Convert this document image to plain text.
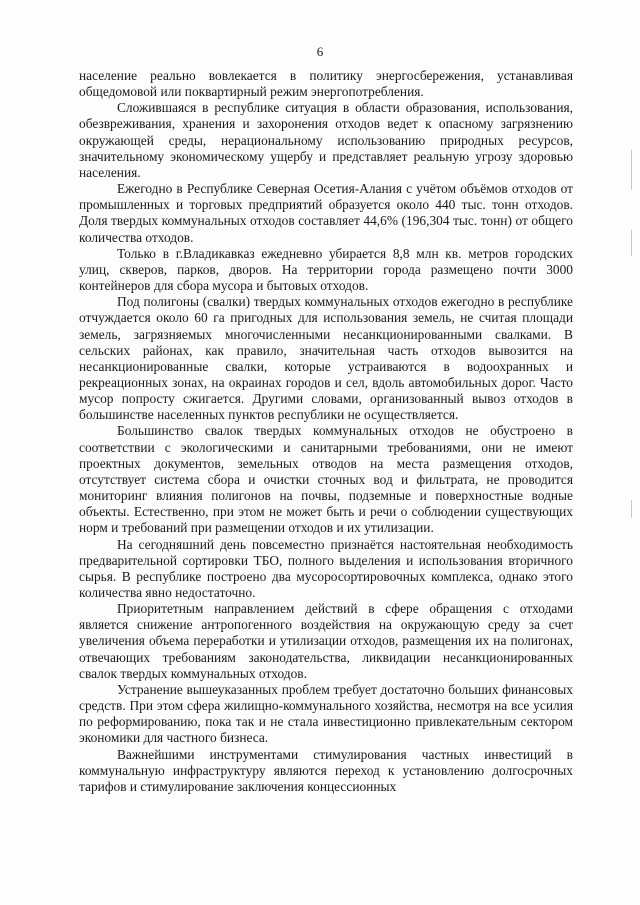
6

население реально вовлекается в политику энергосбережения, устанавливая общедомовой или поквартирный режим энергопотребления.

Сложившаяся в республике ситуация в области образования, использования, обезвреживания, хранения и захоронения отходов ведет к опасному загрязнению окружающей среды, нерациональному использованию природных ресурсов, значительному экономическому ущербу и представляет реальную угрозу здоровью населения.

Ежегодно в Республике Северная Осетия-Алания с учётом объёмов отходов от промышленных и торговых предприятий образуется около 440 тыс. тонн отходов. Доля твердых коммунальных отходов составляет 44,6% (196,304 тыс. тонн) от общего количества отходов.

Только в г.Владикавказ ежедневно убирается 8,8 млн кв. метров городских улиц, скверов, парков, дворов. На территории города размещено почти 3000 контейнеров для сбора мусора и бытовых отходов.

Под полигоны (свалки) твердых коммунальных отходов ежегодно в республике отчуждается около 60 га пригодных для использования земель, не считая площади земель, загрязняемых многочисленными несанкционированными свалками. В сельских районах, как правило, значительная часть отходов вывозится на несанкционированные свалки, которые устраиваются в водоохранных и рекреационных зонах, на окраинах городов и сел, вдоль автомобильных дорог. Часто мусор попросту сжигается. Другими словами, организованный вывоз отходов в большинстве населенных пунктов республики не осуществляется.

Большинство свалок твердых коммунальных отходов не обустроено в соответствии с экологическими и санитарными требованиями, они не имеют проектных документов, земельных отводов на места размещения отходов, отсутствует система сбора и очистки сточных вод и фильтрата, не проводится мониторинг влияния полигонов на почвы, подземные и поверхностные водные объекты. Естественно, при этом не может быть и речи о соблюдении существующих норм и требований при размещении отходов и их утилизации.

На сегодняшний день повсеместно признаётся настоятельная необходимость предварительной сортировки ТБО, полного выделения и использования вторичного сырья. В республике построено два мусоросортировочных комплекса, однако этого количества явно недостаточно.

Приоритетным направлением действий в сфере обращения с отходами является снижение антропогенного воздействия на окружающую среду за счет увеличения объема переработки и утилизации отходов, размещения их на полигонах, отвечающих требованиям законодательства, ликвидации несанкционированных свалок твердых коммунальных отходов.

Устранение вышеуказанных проблем требует достаточно больших финансовых средств. При этом сфера жилищно-коммунального хозяйства, несмотря на все усилия по реформированию, пока так и не стала инвестиционно привлекательным сектором экономики для частного бизнеса.

Важнейшими инструментами стимулирования частных инвестиций в коммунальную инфраструктуру являются переход к установлению долгосрочных тарифов и стимулирование заключения концессионных
